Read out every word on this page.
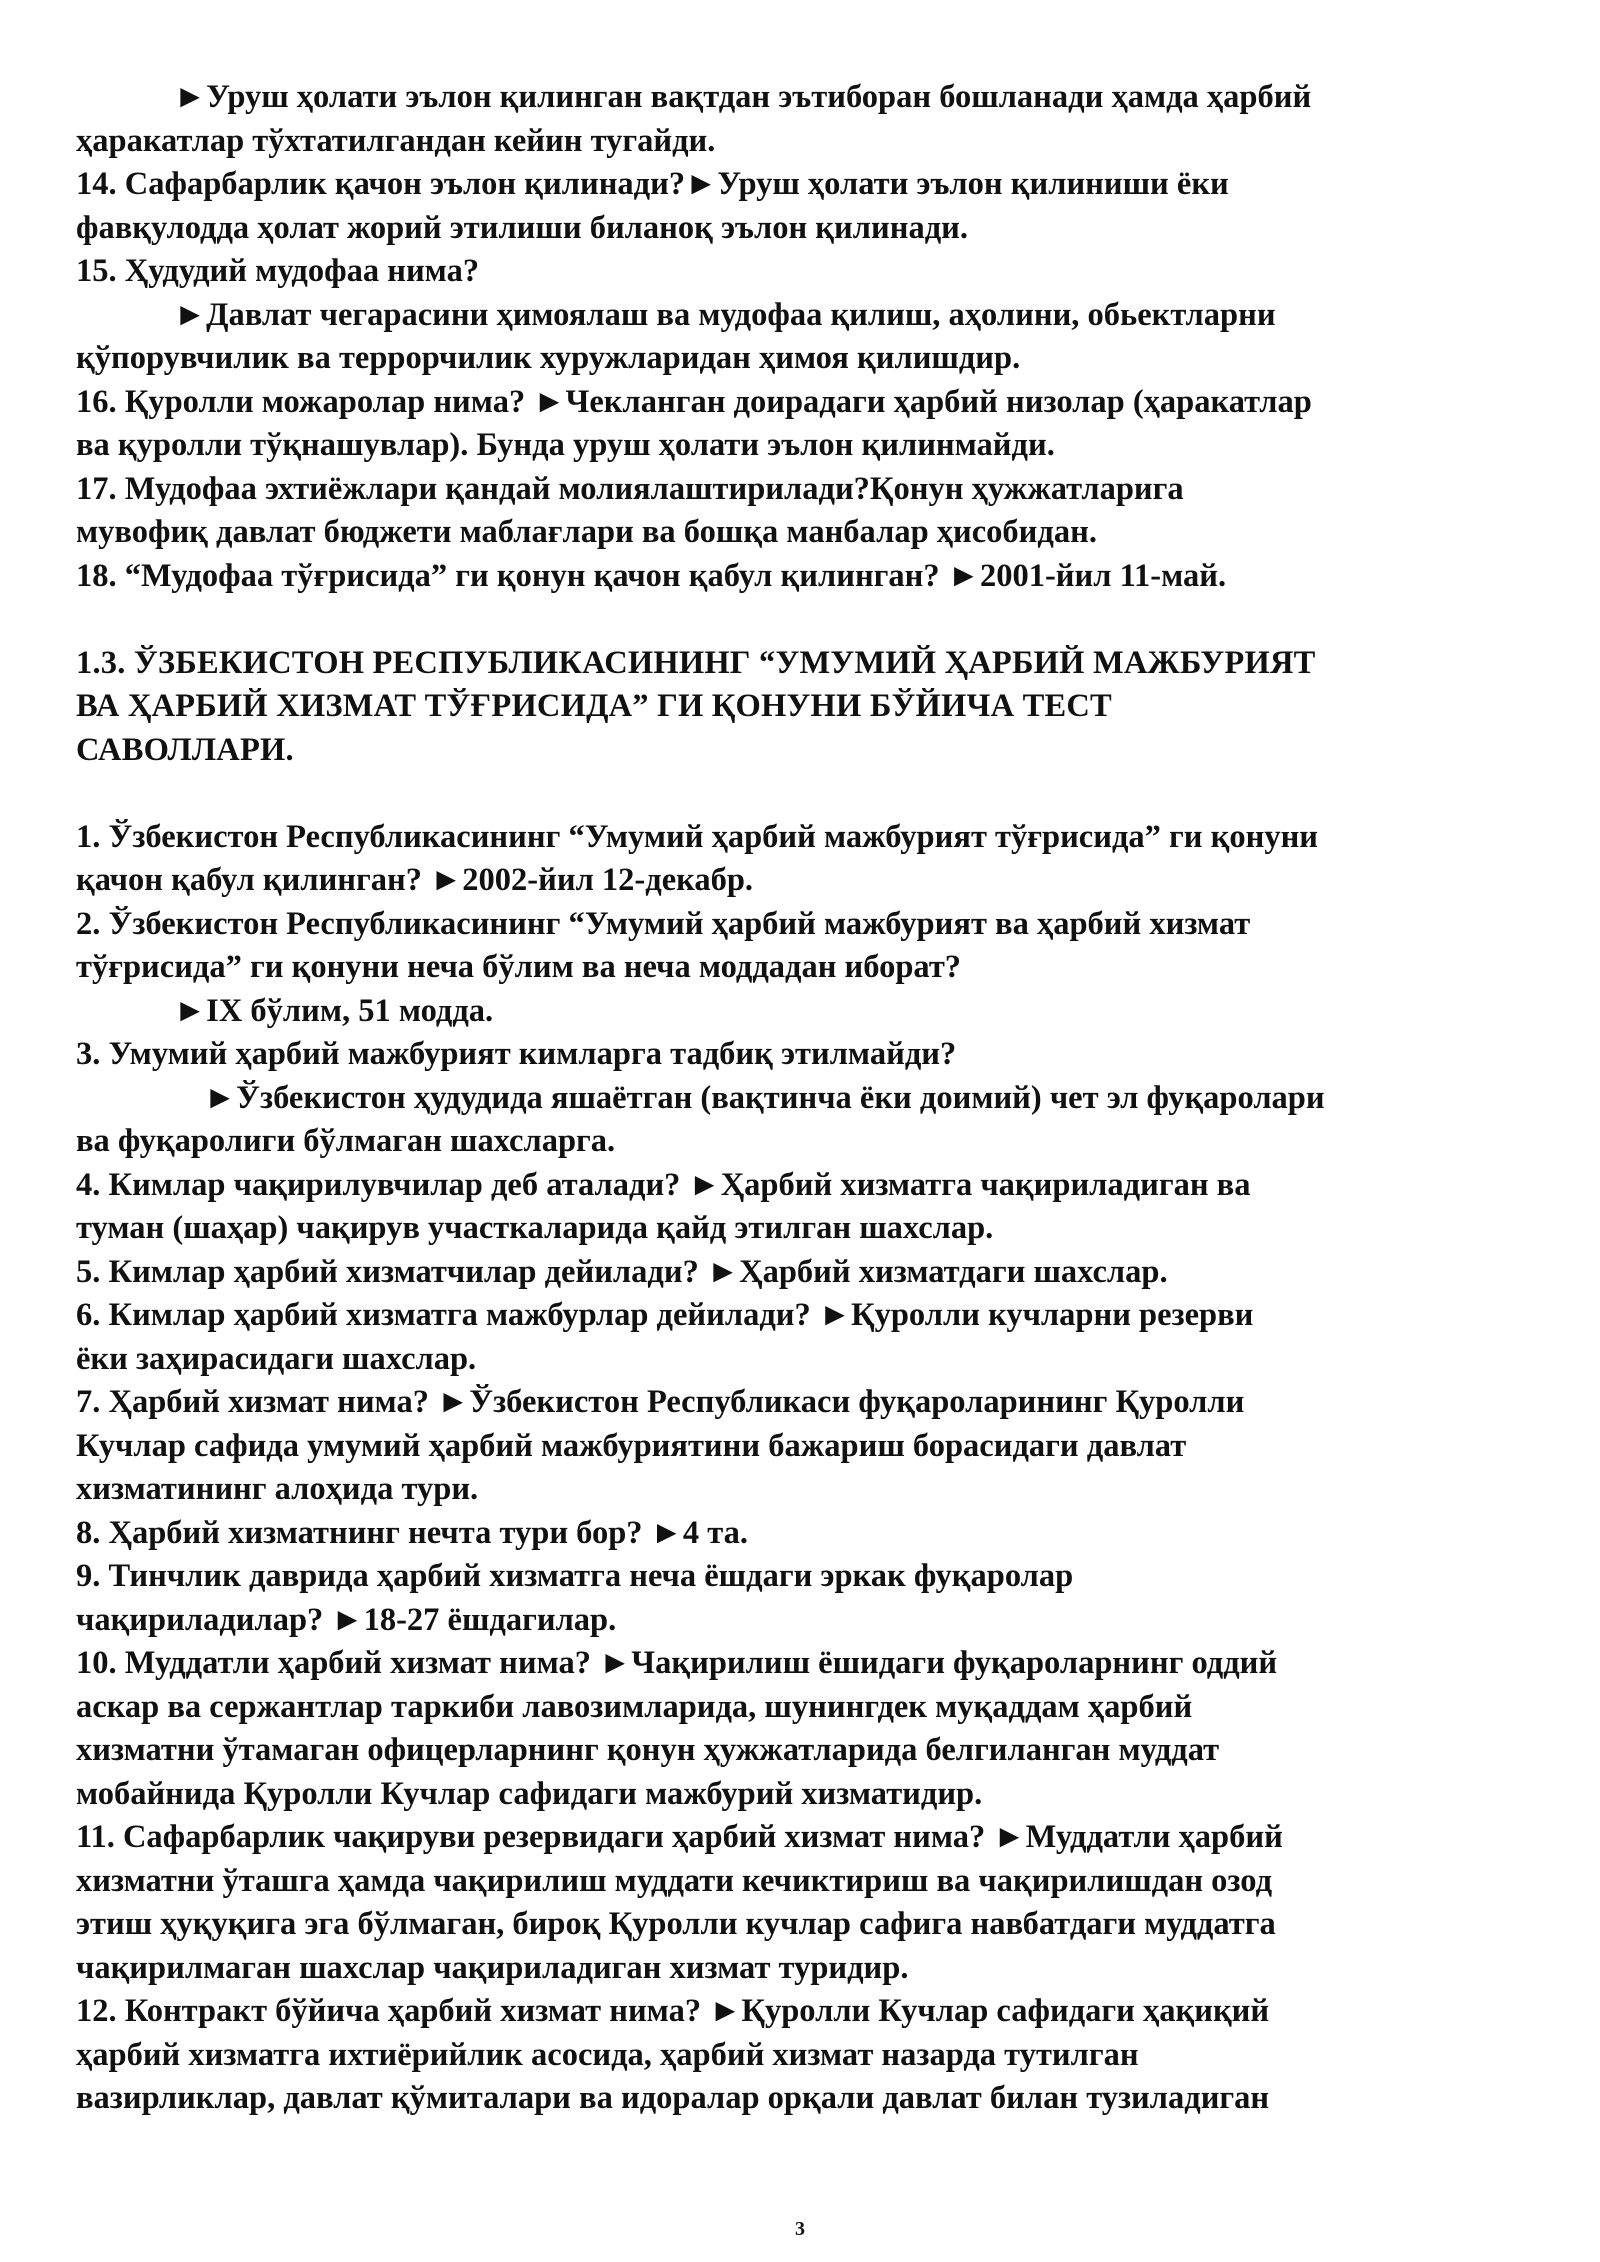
►Уруш ҳолати эълон қилинган вақтдан эътиборан бошланади ҳамда ҳарбий
ҳаракатлар тўхтатилгандан кейин тугайди.
14. Сафарбарлик қачон эълон қилинади?►Уруш ҳолати эълон қилиниши ёки
фавқулодда ҳолат жорий этилиши биланоқ эълон қилинади.
15. Ҳудудий мудофаа нима?
►Давлат чегарасини ҳимоялаш ва мудофаа қилиш, аҳолини, обьектларни
қўпорувчилик ва террорчилик хуружларидан ҳимоя қилишдир.
16. Қуролли можаролар нима? ►Чекланган доирадаги ҳарбий низолар (ҳаракатлар
ва қуролли тўқнашувлар). Бунда уруш ҳолати эълон қилинмайди.
17. Мудофаа эхтиёжлари қандай молиялаштирилади?Қонун ҳужжатларига
мувофиқ давлат бюджети маблағлари ва бошқа манбалар ҳисобидан.
18. “Мудофаа тўғрисида” ги қонун қачон қабул қилинган? ►2001-йил 11-май.
1.3. ЎЗБЕКИСТОН РЕСПУБЛИКАСИНИНГ “УМУМИЙ ҲАРБИЙ МАЖБУРИЯТ
ВА ҲАРБИЙ ХИЗМАТ ТЎҒРИСИДА” ГИ ҚОНУНИ БЎЙИЧА ТЕСТ
САВОЛЛАРИ.
1. Ўзбекистон Республикасининг “Умумий ҳарбий мажбурият тўғрисида” ги қонуни
қачон қабул қилинган? ►2002-йил 12-декабр.
2. Ўзбекистон Республикасининг “Умумий ҳарбий мажбурият ва ҳарбий хизмат
тўғрисида” ги қонуни неча бўлим ва неча моддадан иборат?
►IX бўлим, 51 модда.
3. Умумий ҳарбий мажбурият кимларга тадбиқ этилмайди?
►Ўзбекистон ҳудудида яшаётган (вақтинча ёки доимий) чет эл фуқаролари
ва фуқаролиги бўлмаган шахсларга.
4. Кимлар чақирилувчилар деб аталади? ►Ҳарбий хизматга чақириладиган ва
туман (шаҳар) чақирув участкаларида қайд этилган шахслар.
5. Кимлар ҳарбий хизматчилар дейилади? ►Ҳарбий хизматдаги шахслар.
6. Кимлар ҳарбий хизматга мажбурлар дейилади? ►Қуролли кучларни резерви
ёки заҳирасидаги шахслар.
7. Ҳарбий хизмат нима? ►Ўзбекистон Республикаси фуқароларининг Қуролли
Кучлар сафида умумий ҳарбий мажбуриятини бажариш борасидаги давлат
хизматининг алоҳида тури.
8. Ҳарбий хизматнинг нечта тури бор? ►4 та.
9. Тинчлик даврида ҳарбий хизматга неча ёшдаги эркак фуқаролар
чақириладилар? ►18-27 ёшдагилар.
10. Муддатли ҳарбий хизмат нима? ►Чақирилиш ёшидаги фуқароларнинг оддий
аскар ва сержантлар таркиби лавозимларида, шунингдек муқаддам ҳарбий
хизматни ўтамаган офицерларнинг қонун ҳужжатларида белгиланган муддат
мобайнида Қуролли Кучлар сафидаги мажбурий хизматидир.
11. Сафарбарлик чақируви резервидаги ҳарбий хизмат нима? ►Муддатли ҳарбий
хизматни ўташга ҳамда чақирилиш муддати кечиктириш ва чақирилишдан озод
этиш ҳуқуқига эга бўлмаган, бироқ Қуролли кучлар сафига навбатдаги муддатга
чақирилмаган шахслар чақириладиган хизмат туридир.
12. Контракт бўйича ҳарбий хизмат нима? ►Қуролли Кучлар сафидаги ҳақиқий
ҳарбий хизматга ихтиёрийлик асосида, ҳарбий хизмат назарда тутилган
вазирликлар, давлат қўмиталари ва идоралар орқали давлат билан тузиладиган
3
